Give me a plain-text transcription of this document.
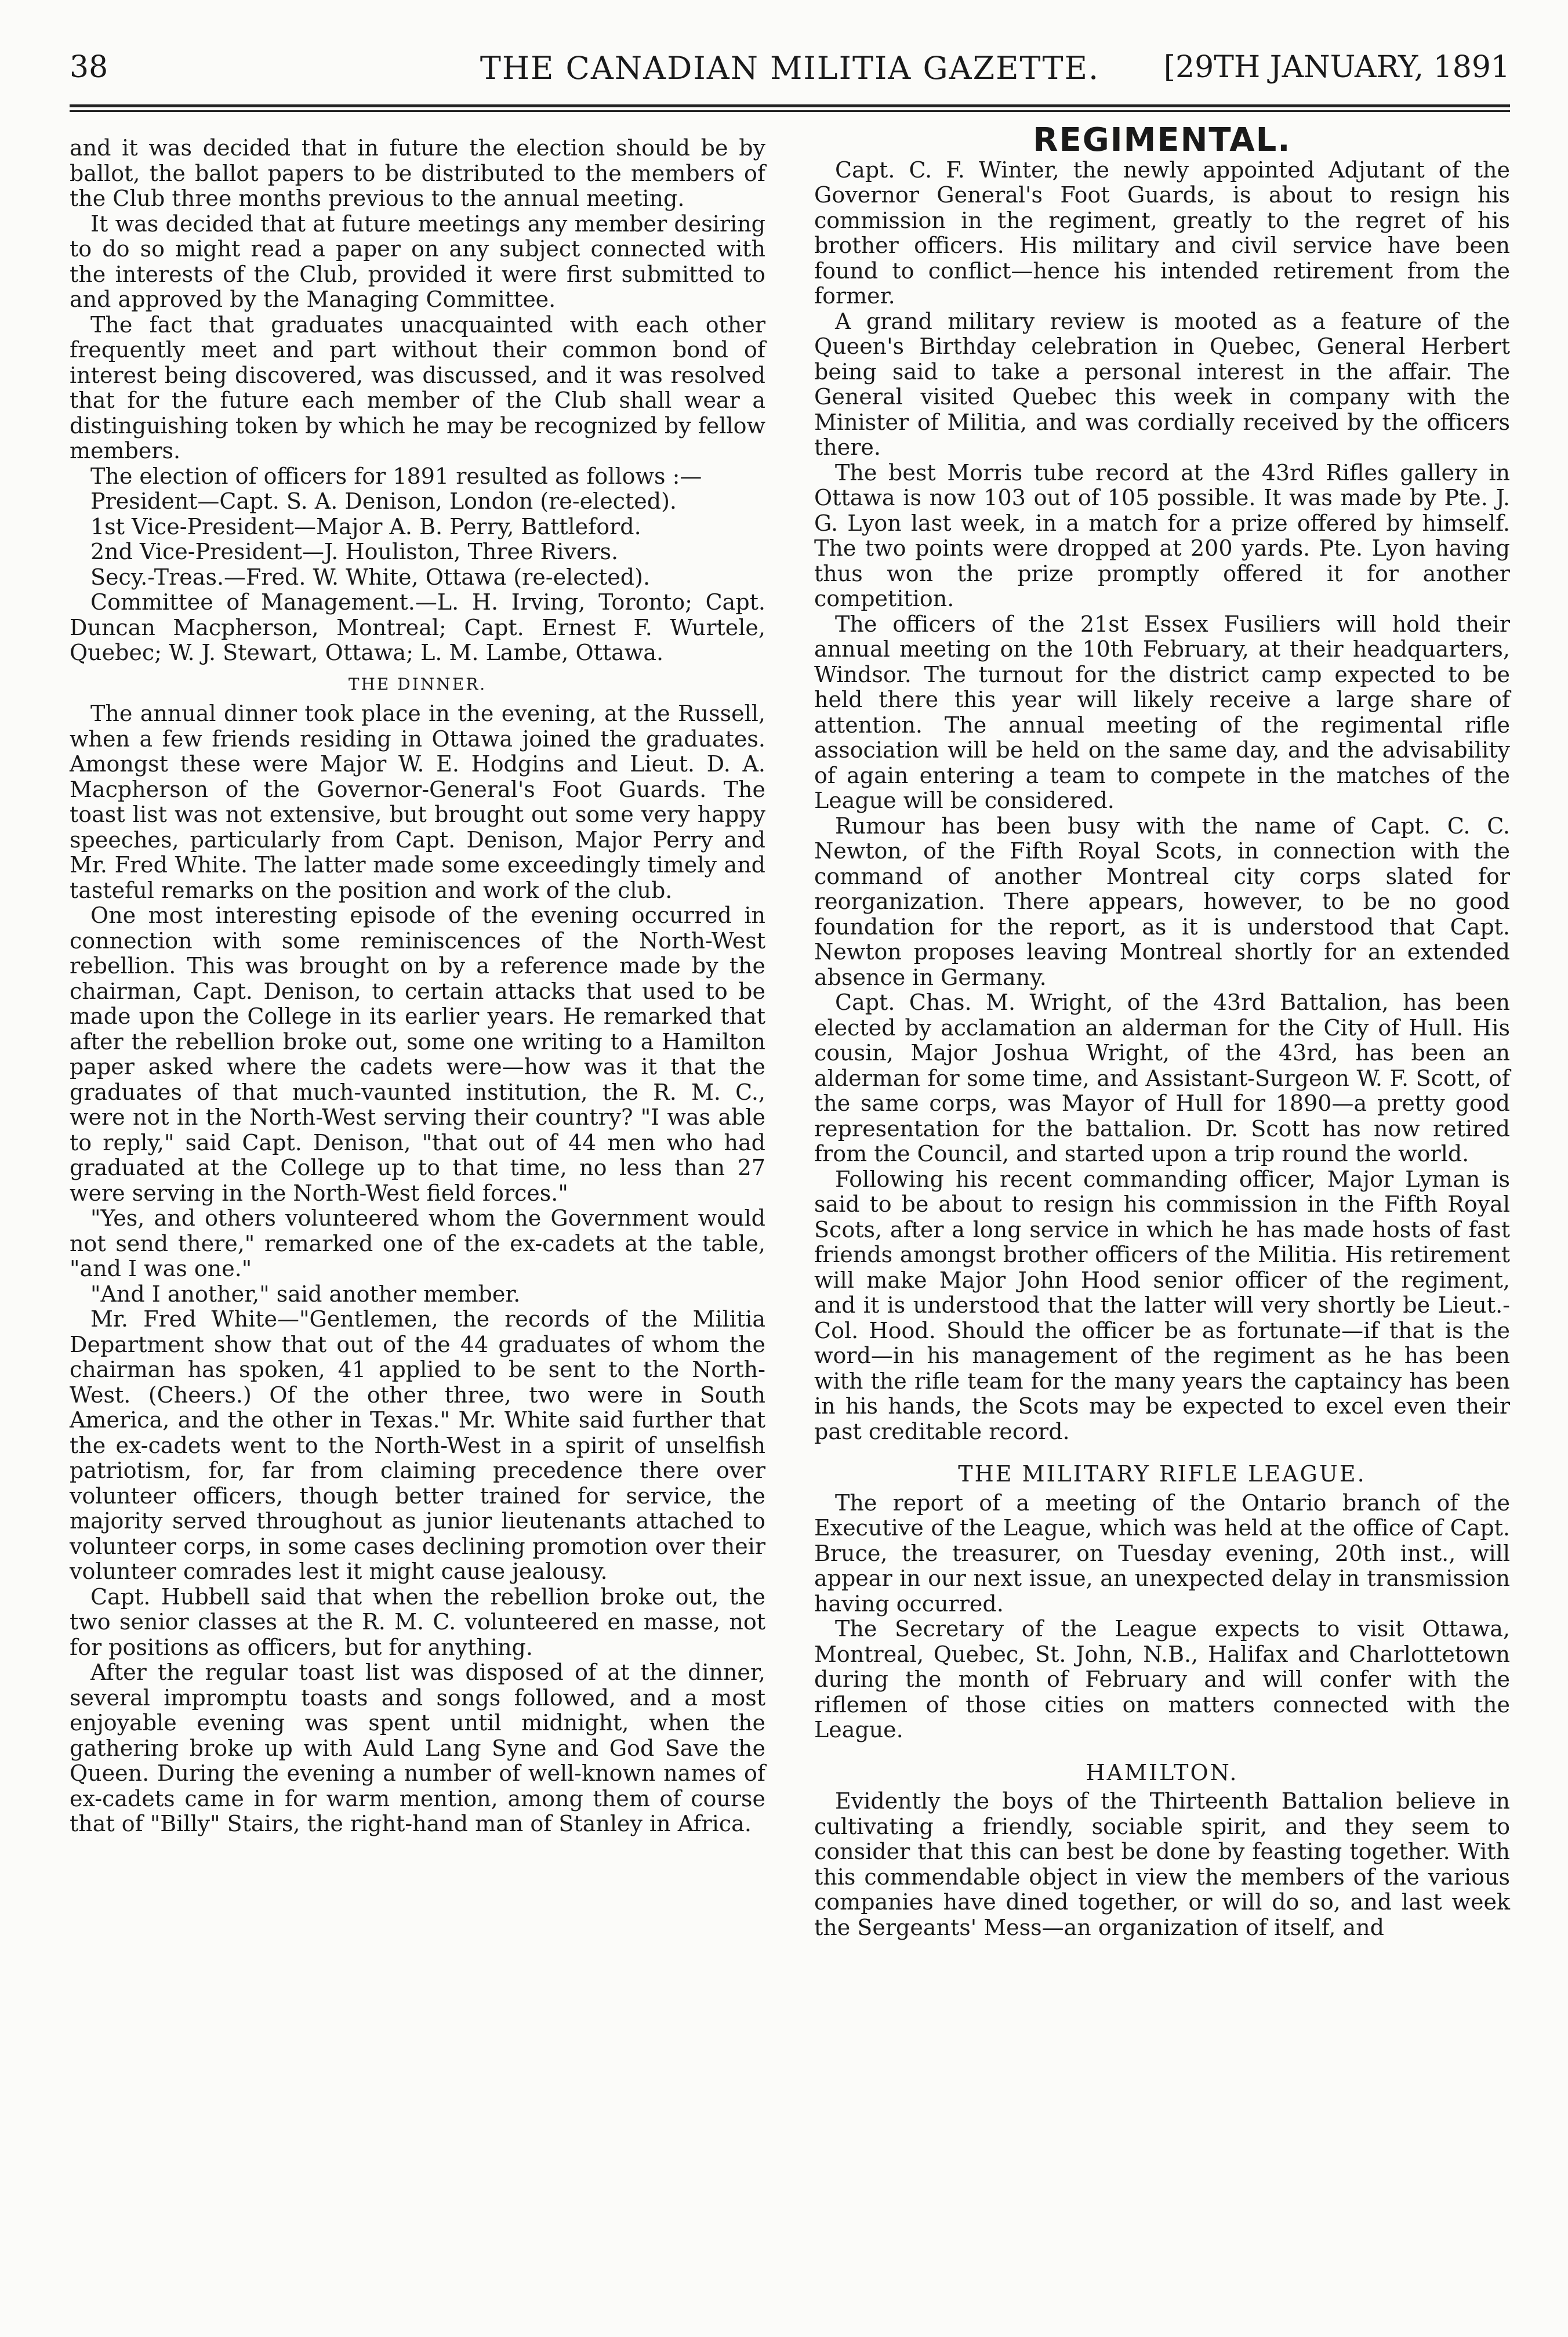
38	THE CANADIAN MILITIA GAZETTE.	[29TH JANUARY, 1891

and it was decided that in future the election should be by ballot, the ballot papers to be distributed to the members of the Club three months previous to the annual meeting.

It was decided that at future meetings any member desiring to do so might read a paper on any subject connected with the interests of the Club, provided it were first submitted to and approved by the Managing Committee.

The fact that graduates unacquainted with each other frequently meet and part without their common bond of interest being discovered, was discussed, and it was resolved that for the future each member of the Club shall wear a distinguishing token by which he may be recognized by fellow members.

The election of officers for 1891 resulted as follows :—

President—Capt. S. A. Denison, London (re-elected).

1st Vice-President—Major A. B. Perry, Battleford.

2nd Vice-President—J. Houliston, Three Rivers.

Secy.-Treas.—Fred. W. White, Ottawa (re-elected).

Committee of Management.—L. H. Irving, Toronto; Capt. Duncan Macpherson, Montreal; Capt. Ernest F. Wurtele, Quebec; W. J. Stewart, Ottawa; L. M. Lambe, Ottawa.

THE DINNER.

The annual dinner took place in the evening, at the Russell, when a few friends residing in Ottawa joined the graduates. Amongst these were Major W. E. Hodgins and Lieut. D. A. Macpherson of the Governor-General's Foot Guards. The toast list was not extensive, but brought out some very happy speeches, particularly from Capt. Denison, Major Perry and Mr. Fred White. The latter made some exceedingly timely and tasteful remarks on the position and work of the club.

One most interesting episode of the evening occurred in connection with some reminiscences of the North-West rebellion. This was brought on by a reference made by the chairman, Capt. Denison, to certain attacks that used to be made upon the College in its earlier years. He remarked that after the rebellion broke out, some one writing to a Hamilton paper asked where the cadets were—how was it that the graduates of that much-vaunted institution, the R. M. C., were not in the North-West serving their country? "I was able to reply," said Capt. Denison, "that out of 44 men who had graduated at the College up to that time, no less than 27 were serving in the North-West field forces."

"Yes, and others volunteered whom the Government would not send there," remarked one of the ex-cadets at the table, "and I was one."

"And I another," said another member.

Mr. Fred White—"Gentlemen, the records of the Militia Department show that out of the 44 graduates of whom the chairman has spoken, 41 applied to be sent to the North-West. (Cheers.) Of the other three, two were in South America, and the other in Texas." Mr. White said further that the ex-cadets went to the North-West in a spirit of unselfish patriotism, for, far from claiming precedence there over volunteer officers, though better trained for service, the majority served throughout as junior lieutenants attached to volunteer corps, in some cases declining promotion over their volunteer comrades lest it might cause jealousy.

Capt. Hubbell said that when the rebellion broke out, the two senior classes at the R. M. C. volunteered en masse, not for positions as officers, but for anything.

After the regular toast list was disposed of at the dinner, several impromptu toasts and songs followed, and a most enjoyable evening was spent until midnight, when the gathering broke up with Auld Lang Syne and God Save the Queen. During the evening a number of well-known names of ex-cadets came in for warm mention, among them of course that of "Billy" Stairs, the right-hand man of Stanley in Africa.

REGIMENTAL.

Capt. C. F. Winter, the newly appointed Adjutant of the Governor General's Foot Guards, is about to resign his commission in the regiment, greatly to the regret of his brother officers. His military and civil service have been found to conflict—hence his intended retirement from the former.

A grand military review is mooted as a feature of the Queen's Birthday celebration in Quebec, General Herbert being said to take a personal interest in the affair. The General visited Quebec this week in company with the Minister of Militia, and was cordially received by the officers there.

The best Morris tube record at the 43rd Rifles gallery in Ottawa is now 103 out of 105 possible. It was made by Pte. J. G. Lyon last week, in a match for a prize offered by himself. The two points were dropped at 200 yards. Pte. Lyon having thus won the prize promptly offered it for another competition.

The officers of the 21st Essex Fusiliers will hold their annual meeting on the 10th February, at their headquarters, Windsor. The turnout for the district camp expected to be held there this year will likely receive a large share of attention. The annual meeting of the regimental rifle association will be held on the same day, and the advisability of again entering a team to compete in the matches of the League will be considered.

Rumour has been busy with the name of Capt. C. C. Newton, of the Fifth Royal Scots, in connection with the command of another Montreal city corps slated for reorganization. There appears, however, to be no good foundation for the report, as it is understood that Capt. Newton proposes leaving Montreal shortly for an extended absence in Germany.

Capt. Chas. M. Wright, of the 43rd Battalion, has been elected by acclamation an alderman for the City of Hull. His cousin, Major Joshua Wright, of the 43rd, has been an alderman for some time, and Assistant-Surgeon W. F. Scott, of the same corps, was Mayor of Hull for 1890—a pretty good representation for the battalion. Dr. Scott has now retired from the Council, and started upon a trip round the world.

Following his recent commanding officer, Major Lyman is said to be about to resign his commission in the Fifth Royal Scots, after a long service in which he has made hosts of fast friends amongst brother officers of the Militia. His retirement will make Major John Hood senior officer of the regiment, and it is understood that the latter will very shortly be Lieut.-Col. Hood. Should the officer be as fortunate—if that is the word—in his management of the regiment as he has been with the rifle team for the many years the captaincy has been in his hands, the Scots may be expected to excel even their past creditable record.

THE MILITARY RIFLE LEAGUE.

The report of a meeting of the Ontario branch of the Executive of the League, which was held at the office of Capt. Bruce, the treasurer, on Tuesday evening, 20th inst., will appear in our next issue, an unexpected delay in transmission having occurred.

The Secretary of the League expects to visit Ottawa, Montreal, Quebec, St. John, N.B., Halifax and Charlottetown during the month of February and will confer with the riflemen of those cities on matters connected with the League.

HAMILTON.

Evidently the boys of the Thirteenth Battalion believe in cultivating a friendly, sociable spirit, and they seem to consider that this can best be done by feasting together. With this commendable object in view the members of the various companies have dined together, or will do so, and last week the Sergeants' Mess—an organization of itself, and
